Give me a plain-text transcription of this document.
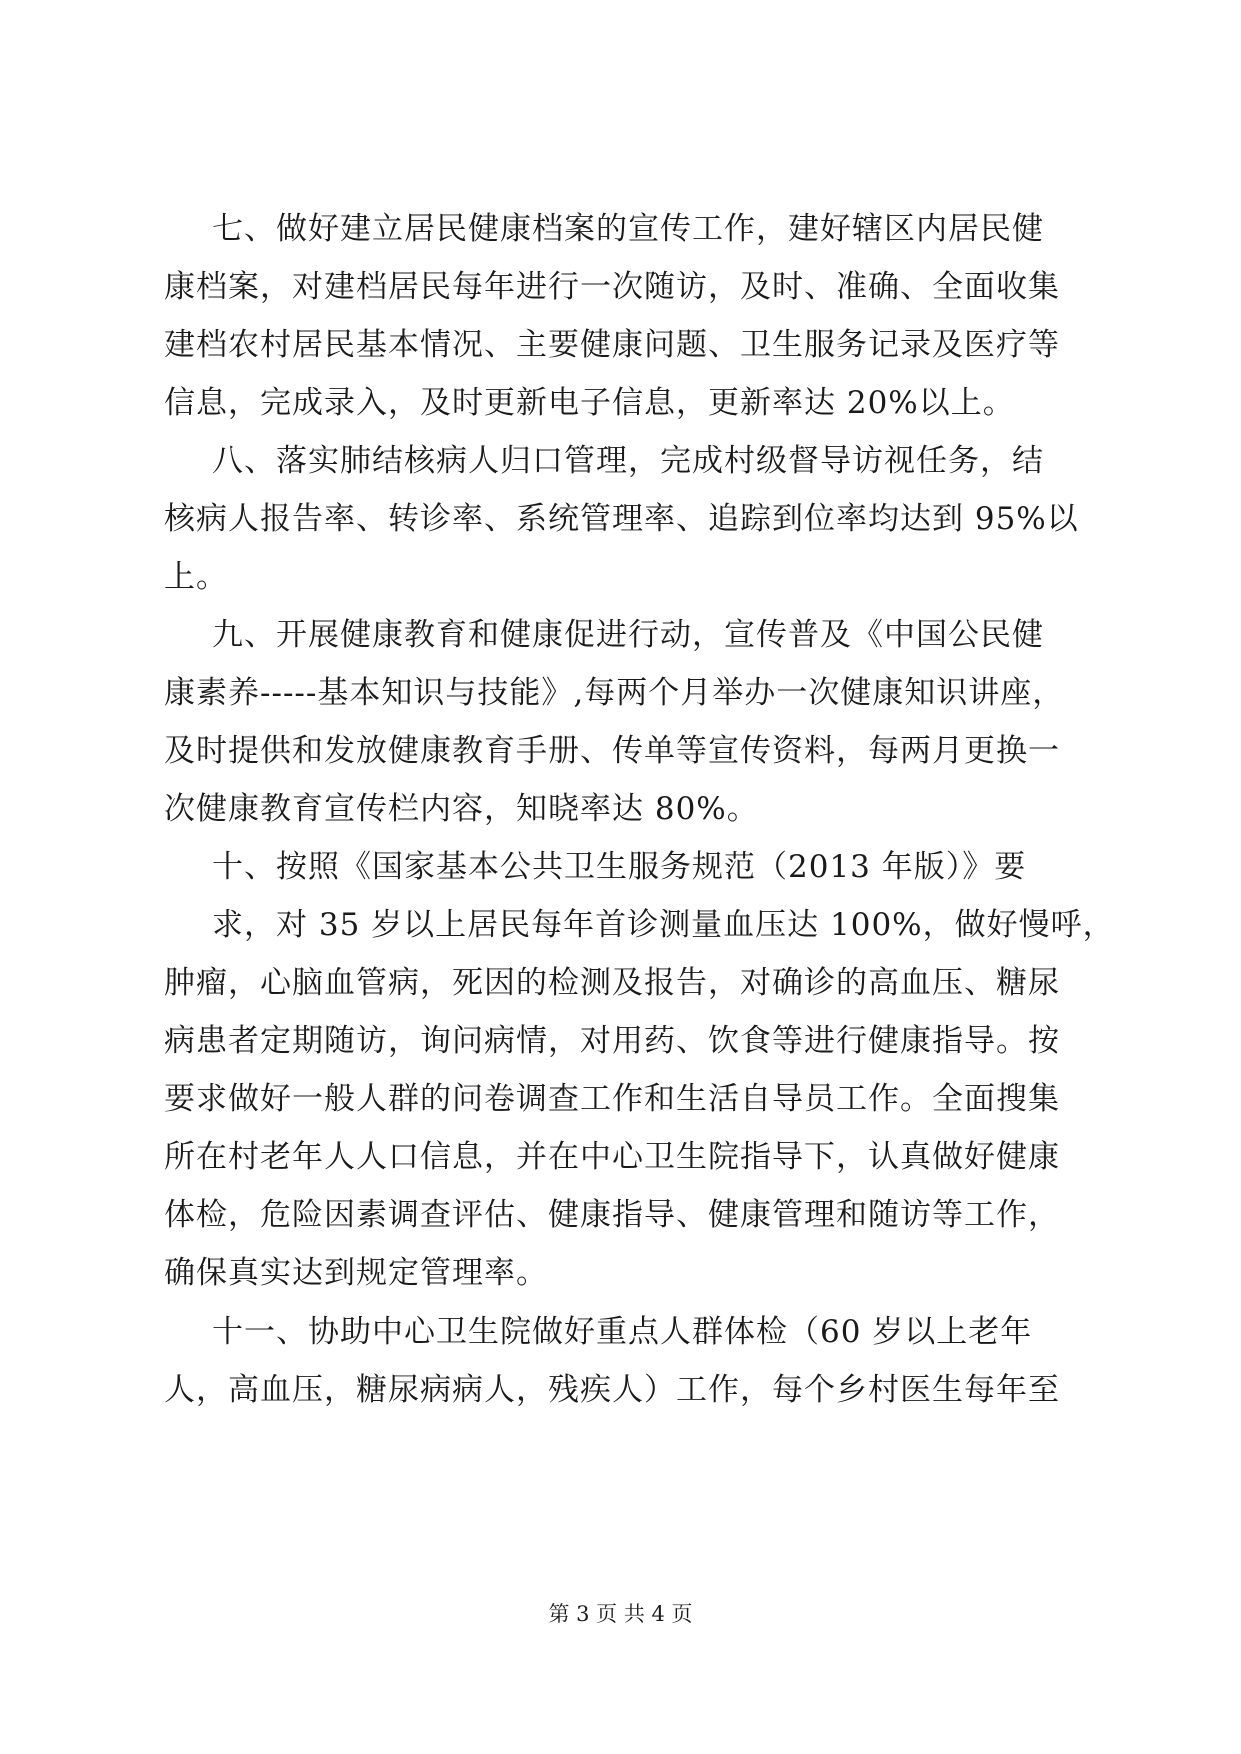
七、做好建立居民健康档案的宣传工作，建好辖区内居民健
康档案，对建档居民每年进行一次随访，及时、准确、全面收集
建档农村居民基本情况、主要健康问题、卫生服务记录及医疗等
信息，完成录入，及时更新电子信息，更新率达 20%以上。
八、落实肺结核病人归口管理，完成村级督导访视任务，结
核病人报告率、转诊率、系统管理率、追踪到位率均达到 95%以
上。
九、开展健康教育和健康促进行动，宣传普及《中国公民健
康素养-----基本知识与技能》,每两个月举办一次健康知识讲座，
及时提供和发放健康教育手册、传单等宣传资料，每两月更换一
次健康教育宣传栏内容，知晓率达 80%。
十、按照《国家基本公共卫生服务规范（2013 年版）》要
求，对 35 岁以上居民每年首诊测量血压达 100%，做好慢呼，
肿瘤，心脑血管病，死因的检测及报告，对确诊的高血压、糖尿
病患者定期随访，询问病情，对用药、饮食等进行健康指导。按
要求做好一般人群的问卷调查工作和生活自导员工作。全面搜集
所在村老年人人口信息，并在中心卫生院指导下，认真做好健康
体检，危险因素调查评估、健康指导、健康管理和随访等工作，
确保真实达到规定管理率。
十一、协助中心卫生院做好重点人群体检（60 岁以上老年
人，高血压，糖尿病病人，残疾人）工作，每个乡村医生每年至
第 3 页 共 4 页
